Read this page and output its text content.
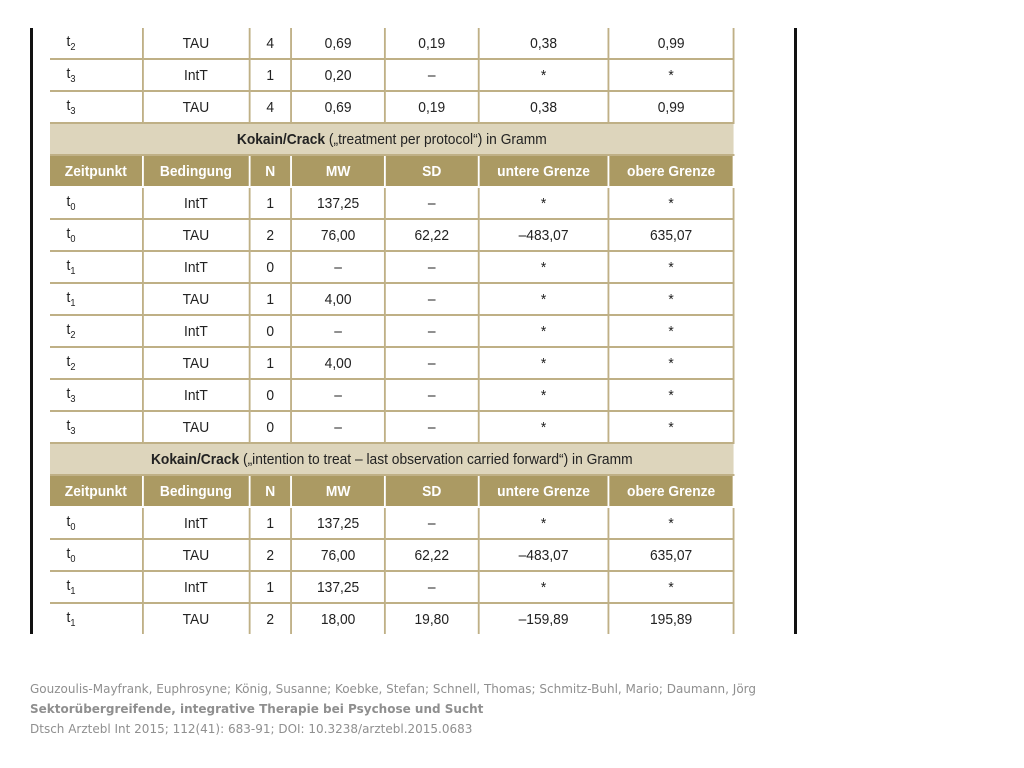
$t_2$	TAU	4	0,69	0,19	0,38	0,99
$t_3$	IntT	1	0,20	–	*	*
$t_3$	TAU	4	0,69	0,19	0,38	0,99
Kokain/Crack („treatment per protocol“) in Gramm						
Zeitpunkt	Bedingung	N	MW	SD	untere Grenze	obere Grenze
$t_0$	IntT	1	137,25	–	*	*
$t_0$	TAU	2	76,00	62,22	–483,07	635,07
$t_1$	IntT	0	–	–	*	*
$t_1$	TAU	1	4,00	–	*	*
$t_2$	IntT	0	–	–	*	*
$t_2$	TAU	1	4,00	–	*	*
$t_3$	IntT	0	–	–	*	*
$t_3$	TAU	0	–	–	*	*
Kokain/Crack („intention to treat – last observation carried forward“) in Gramm						
Zeitpunkt	Bedingung	N	MW	SD	untere Grenze	obere Grenze
$t_0$	IntT	1	137,25	–	*	*
$t_0$	TAU	2	76,00	62,22	–483,07	635,07
$t_1$	IntT	1	137,25	–	*	*
$t_1$	TAU	2	18,00	19,80	–159,89	195,89

Gouzoulis-Mayfrank, Euphrosyne; König, Susanne; Koebke, Stefan; Schnell, Thomas; Schmitz-Buhl, Mario; Daumann, Jörg
Sektorübergreifende, integrative Therapie bei Psychose und Sucht
Dtsch Arztebl Int 2015; 112(41): 683-91; DOI: 10.3238/arztebl.2015.0683
